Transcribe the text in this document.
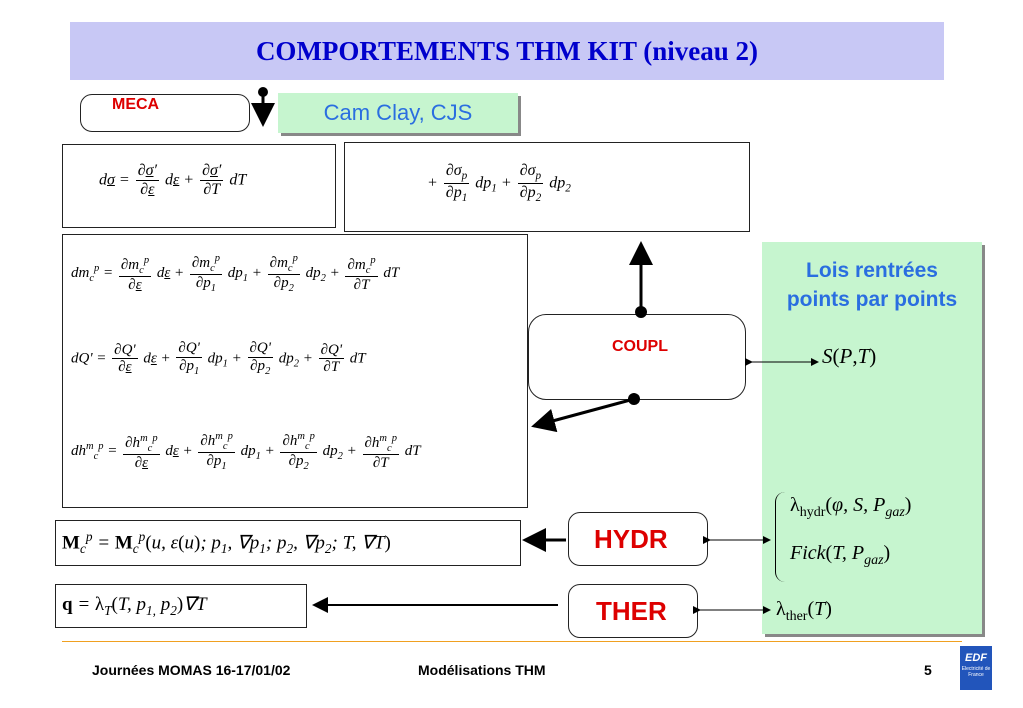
COMPORTEMENTS THM KIT (niveau 2)
MECA	Cam Clay, CJS
$d\sigma = \frac{\partial\sigma'}{\partial\varepsilon}$ $d\varepsilon + \frac{\partial\sigma'}{\partial T}$ dT	+ $\frac{\partial\sigma_p}{\partial p_1} dp_1 + \frac{\partial\sigma_p}{\partial p_2} dp_2$
$dm_c^p = \frac{\partial m_c^p}{\partial\varepsilon}$ $d\varepsilon + \frac{\partial m_c^p}{\partial p_1} dp_1 + \frac{\partial m_c^p}{\partial p_2} dp_2 + \frac{\partial m_c^p}{\partial T}$ dT
$dQ' = \frac{\partial Q'}{\partial\varepsilon}$ $d\varepsilon + \frac{\partial Q'}{\partial p_1} dp_1 + \frac{\partial Q'}{\partial p_2} dp_2 + \frac{\partial Q'}{\partial T}$ dT
$dh^m_c^p = \frac{\partial h^m_c^p}{\partial\varepsilon}$ $d\varepsilon + \frac{\partial h^m_c^p}{\partial p_1} dp_1 + \frac{\partial h^m_c^p}{\partial p_2} dp_2 + \frac{\partial h^m_c^p}{\partial T}$ dT
Lois rentrées
points par points
COUPL	S(P,T)
$\lambda_{hydr}(\varphi$, S, $P_{gaz}$)
Fick(T, $P_{gaz}$)
HYDR
$M_c^p = M_c^p(u$, ε(u); $p_1$, $\nabla p_1$; $p_2$, $\nabla p_2$; T, ∇T)
THER
$q = \lambda_T(T$, $p_{1,}$ $p_2)\nabla T$	$\lambda_{ther}(T)$
Journées MOMAS 16-17/01/02	Modélisations THM	5
EDF
Electricité de France
